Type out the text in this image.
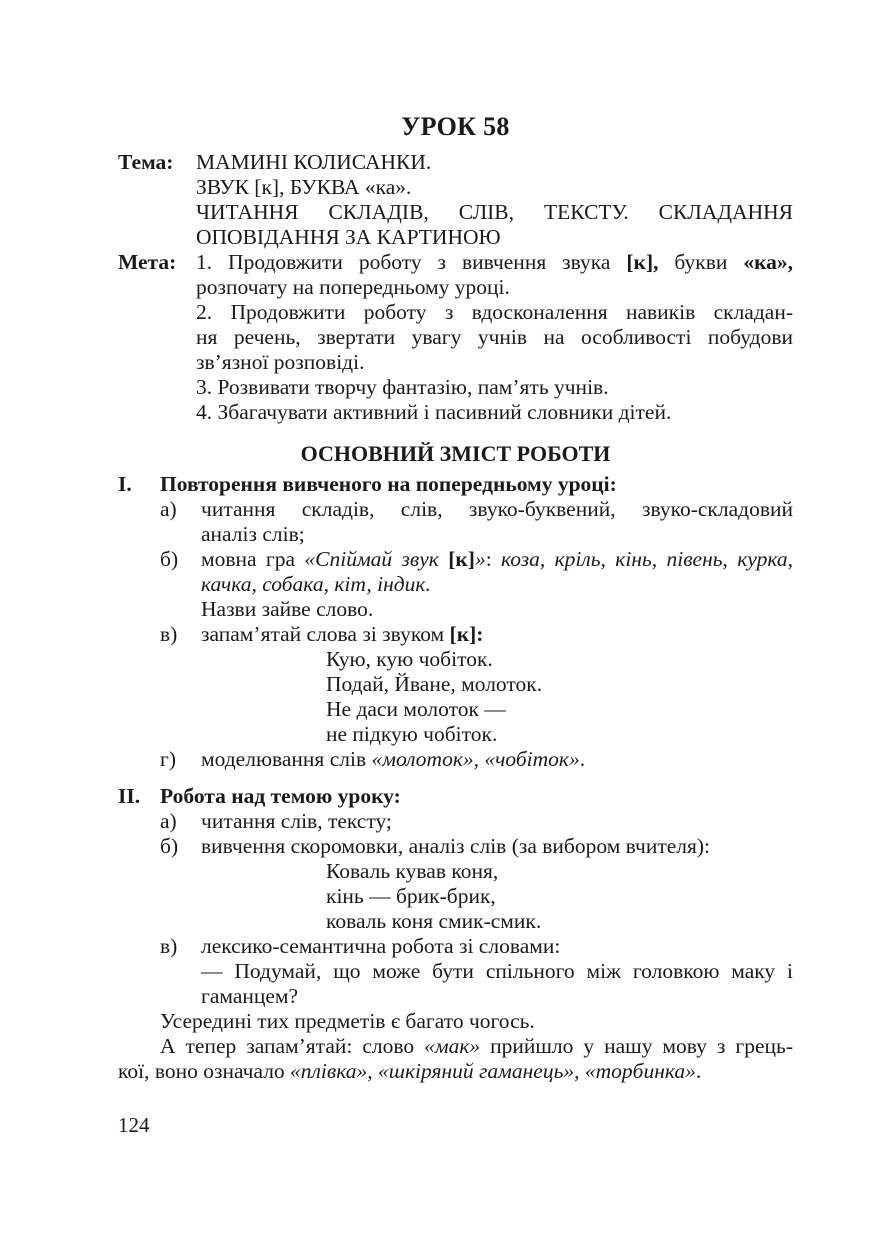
УРОК 58
Тема:	МАМИНІ КОЛИСАНКИ.
ЗВУК [к], БУКВА «ка».
ЧИТАННЯ СКЛАДІВ, СЛІВ, ТЕКСТУ. СКЛАДАННЯ
ОПОВІДАННЯ ЗА КАРТИНОЮ
Мета: 1. Продовжити роботу з вивчення звука [к], букви «ка»,
розпочату на попередньому уроці.
2. Продовжити роботу з вдосконалення навиків складан-
ня речень, звертати увагу учнів на особливості побудови
зв’язної розповіді.
3. Розвивати творчу фантазію, пам’ять учнів.
4. Збагачувати активний і пасивний словники дітей.
ОСНОВНИЙ ЗМІСТ РОБОТИ
I.	Повторення вивченого на попередньому уроці:
а)	читання складів, слів, звуко-буквений, звуко-складовий
аналіз слів;
б)	мовна гра «Спіймай звук [к]»: коза, кріль, кінь, півень, курка,
качка, собака, кіт, індик.
Назви зайве слово.
в)	запам’ятай слова зі звуком [к]:
Кую, кую чобіток.
Подай, Йване, молоток.
Не даси молоток —
не підкую чобіток.
г)	моделювання слів «молоток», «чобіток».
II. Робота над темою уроку:
а)	читання слів, тексту;
б)	вивчення скоромовки, аналіз слів (за вибором вчителя):
Коваль кував коня,
кінь — брик-брик,
коваль коня смик-смик.
в)	лексико-семантична робота зі словами:
— Подумай, що може бути спільного між головкою маку і
гаманцем?
Усередині тих предметів є багато чогось.
А тепер запам’ятай: слово «мак» прийшло у нашу мову з грець-
кої, воно означало «плівка», «шкіряний гаманець», «торбинка».
124
